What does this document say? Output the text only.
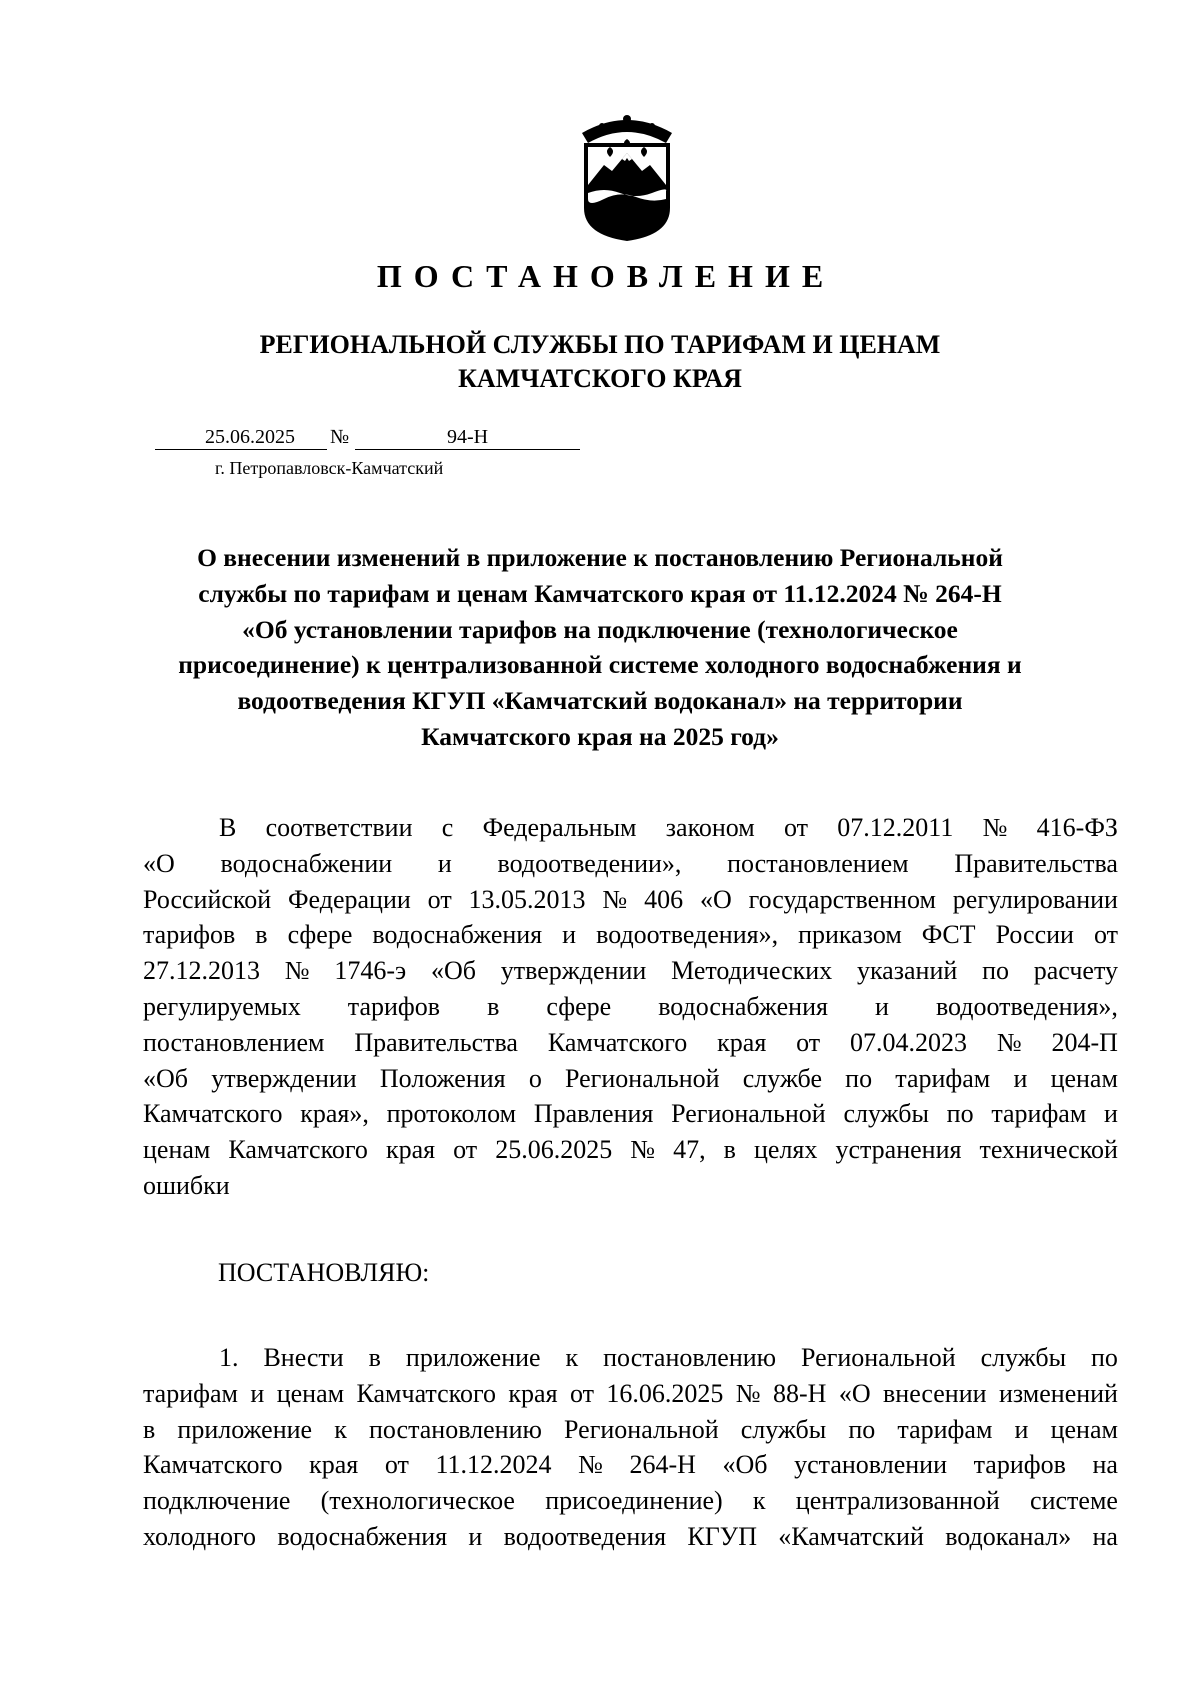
ПОСТАНОВЛЕНИЕ
РЕГИОНАЛЬНОЙ СЛУЖБЫ ПО ТАРИФАМ И ЦЕНАМ
КАМЧАТСКОГО КРАЯ
25.06.2025	№	94-Н
г. Петропавловск-Камчатский
О внесении изменений в приложение к постановлению Региональной
службы по тарифам и ценам Камчатского края от 11.12.2024 № 264-Н
«Об установлении тарифов на подключение (технологическое
присоединение) к централизованной системе холодного водоснабжения и
водоотведения КГУП «Камчатский водоканал» на территории
Камчатского края на 2025 год»
В соответствии с Федеральным законом от 07.12.2011 № 416-ФЗ
«О водоснабжении и водоотведении», постановлением Правительства
Российской Федерации от 13.05.2013 № 406 «О государственном регулировании
тарифов в сфере водоснабжения и водоотведения», приказом ФСТ России от
27.12.2013 № 1746-э «Об утверждении Методических указаний по расчету
регулируемых тарифов в сфере водоснабжения и водоотведения»,
постановлением Правительства Камчатского края от 07.04.2023 № 204-П
«Об утверждении Положения о Региональной службе по тарифам и ценам
Камчатского края», протоколом Правления Региональной службы по тарифам и
ценам Камчатского края от 25.06.2025 № 47, в целях устранения технической
ошибки
ПОСТАНОВЛЯЮ:
1. Внести в приложение к постановлению Региональной службы по
тарифам и ценам Камчатского края от 16.06.2025 № 88-Н «О внесении изменений
в приложение к постановлению Региональной службы по тарифам и ценам
Камчатского края от 11.12.2024 № 264-Н «Об установлении тарифов на
подключение (технологическое присоединение) к централизованной системе
холодного водоснабжения и водоотведения КГУП «Камчатский водоканал» на
